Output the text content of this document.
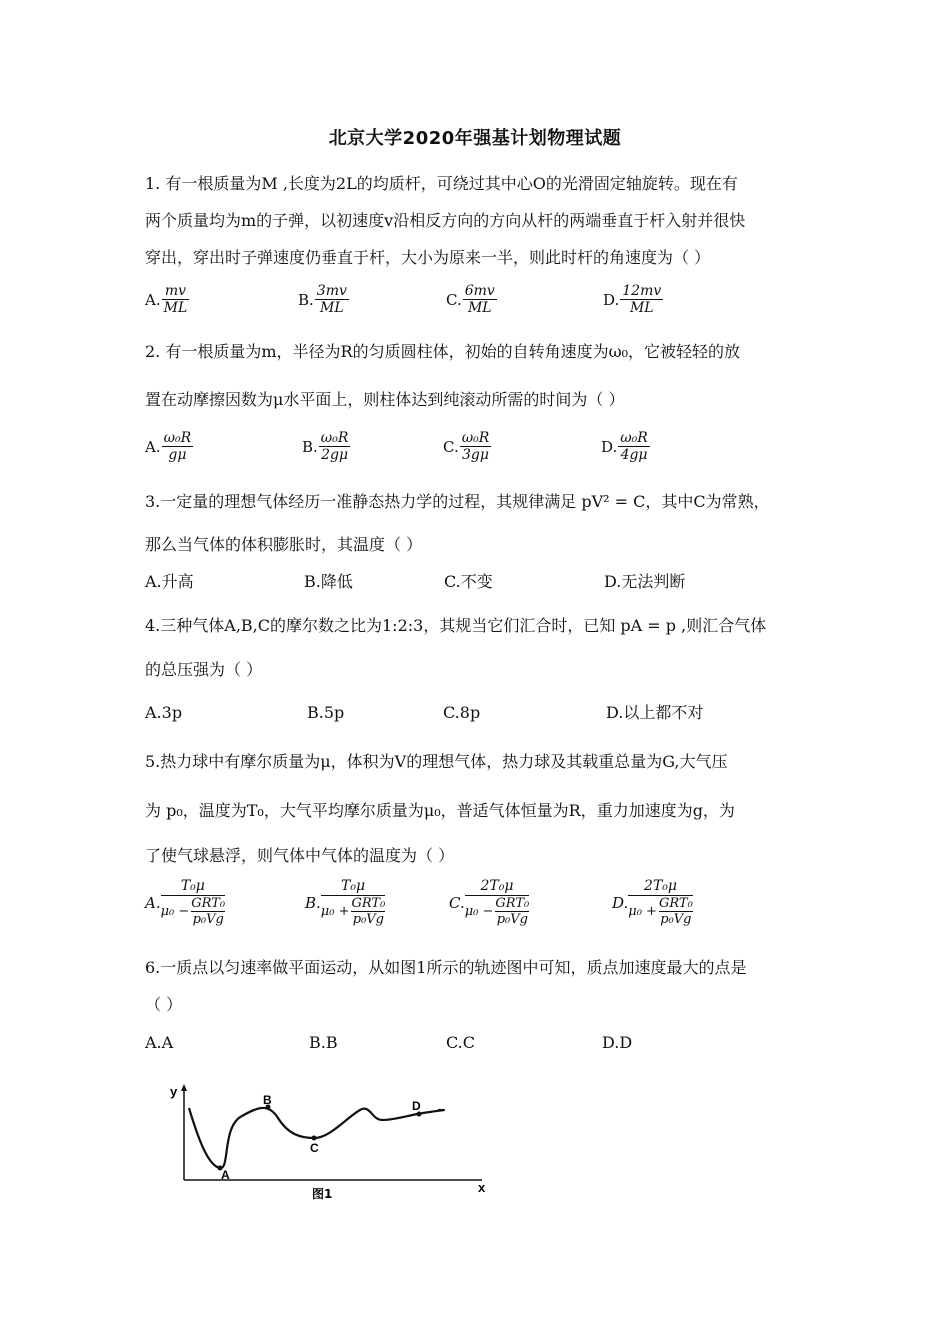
北京大学2020年强基计划物理试题
1. 有一根质量为M ,长度为2L的均质杆，可绕过其中心O的光滑固定轴旋转。现在有
两个质量均为m的子弹，以初速度v沿相反方向的方向从杆的两端垂直于杆入射并很快
穿出，穿出时子弹速度仍垂直于杆，大小为原来一半，则此时杆的角速度为（ ）
A. $\frac{mv}{ML}$	B. $\frac{3mv}{ML}$	C. $\frac{6mv}{ML}$	D. $\frac{12mv}{ML}$
2. 有一根质量为m，半径为R的匀质圆柱体，初始的自转角速度为ω₀，它被轻轻的放
置在动摩擦因数为μ水平面上，则柱体达到纯滚动所需的时间为（ ）
A. $\frac{\text{ω₀R}}{g\mu}$	B. $\frac{\text{ω₀R}}{2g\mu}$	C. $\frac{\text{ω₀R}}{3g\mu}$	D. $\frac{\text{ω₀R}}{4g\mu}$
3.一定量的理想气体经历一准静态热力学的过程，其规律满足 pV² = C，其中C为常熟，
那么当气体的体积膨胀时，其温度（ ）
A.升高	B.降低	C.不变	D.无法判断
4.三种气体A,B,C的摩尔数之比为1:2:3，其规当它们汇合时，已知 pA = p ,则汇合气体
的总压强为（ ）
A.3p	B.5p	C.8p	D.以上都不对
5.热力球中有摩尔质量为μ，体积为V的理想气体，热力球及其载重总量为G,大气压
为 p₀，温度为T₀，大气平均摩尔质量为μ₀，普适气体恒量为R，重力加速度为g，为
了使气球悬浮，则气体中气体的温度为（ ）
A.
T₀μ
μ₀ −
GRT₀
p₀Vg
B.
T₀μ
μ₀ +
GRT₀
p₀Vg
C.
2T₀μ
μ₀ −
GRT₀
p₀Vg
D.
2T₀μ
μ₀ +
GRT₀
p₀Vg
6.一质点以匀速率做平面运动，从如图1所示的轨迹图中可知，质点加速度最大的点是
（ ）
A.A	B.B	C.C	D.D
y
x
A
B
C
D
图1
